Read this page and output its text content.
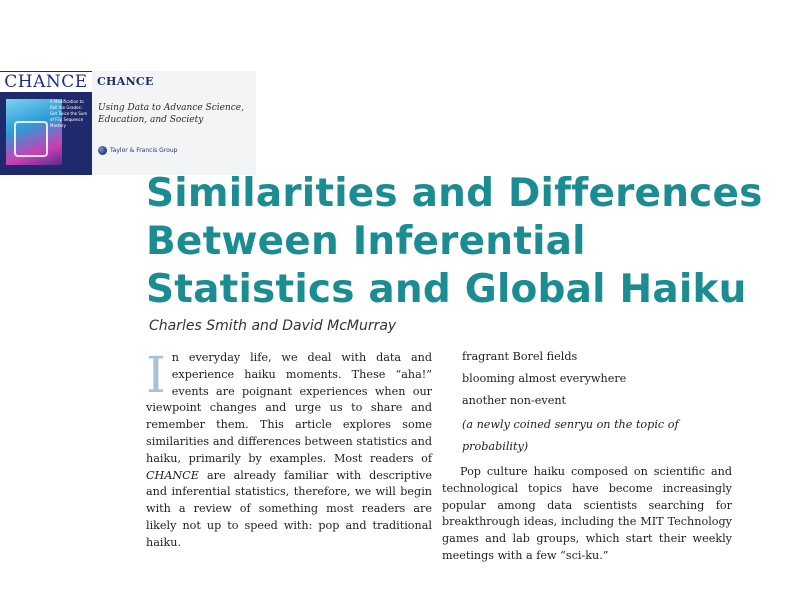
CHANCE
A Modification to Roll the Grades: Get Twice the Sum of Flip Sequence Mastery
CHANCE
Using Data to Advance Science, Education, and Society
Taylor & Francis Group
Similarities and Differences Between Inferential Statistics and Global Haiku
Charles Smith and David McMurray

In everyday life, we deal with data and experience haiku moments. These “aha!” events are poignant experiences when our viewpoint changes and urge us to share and remember them. This article explores some similarities and differences between statistics and haiku, primarily by examples. Most readers of CHANCE are already familiar with descriptive and inferential statistics, therefore, we will begin with a review of something most readers are likely not up to speed with: pop and traditional haiku.

fragrant Borel fields
blooming almost everywhere
another non-event
(a newly coined senryu on the topic of probability)

Pop culture haiku composed on scientific and technological topics have become increasingly popular among data scientists searching for breakthrough ideas, including the MIT Technology games and lab groups, which start their weekly meetings with a few “sci-ku.”
